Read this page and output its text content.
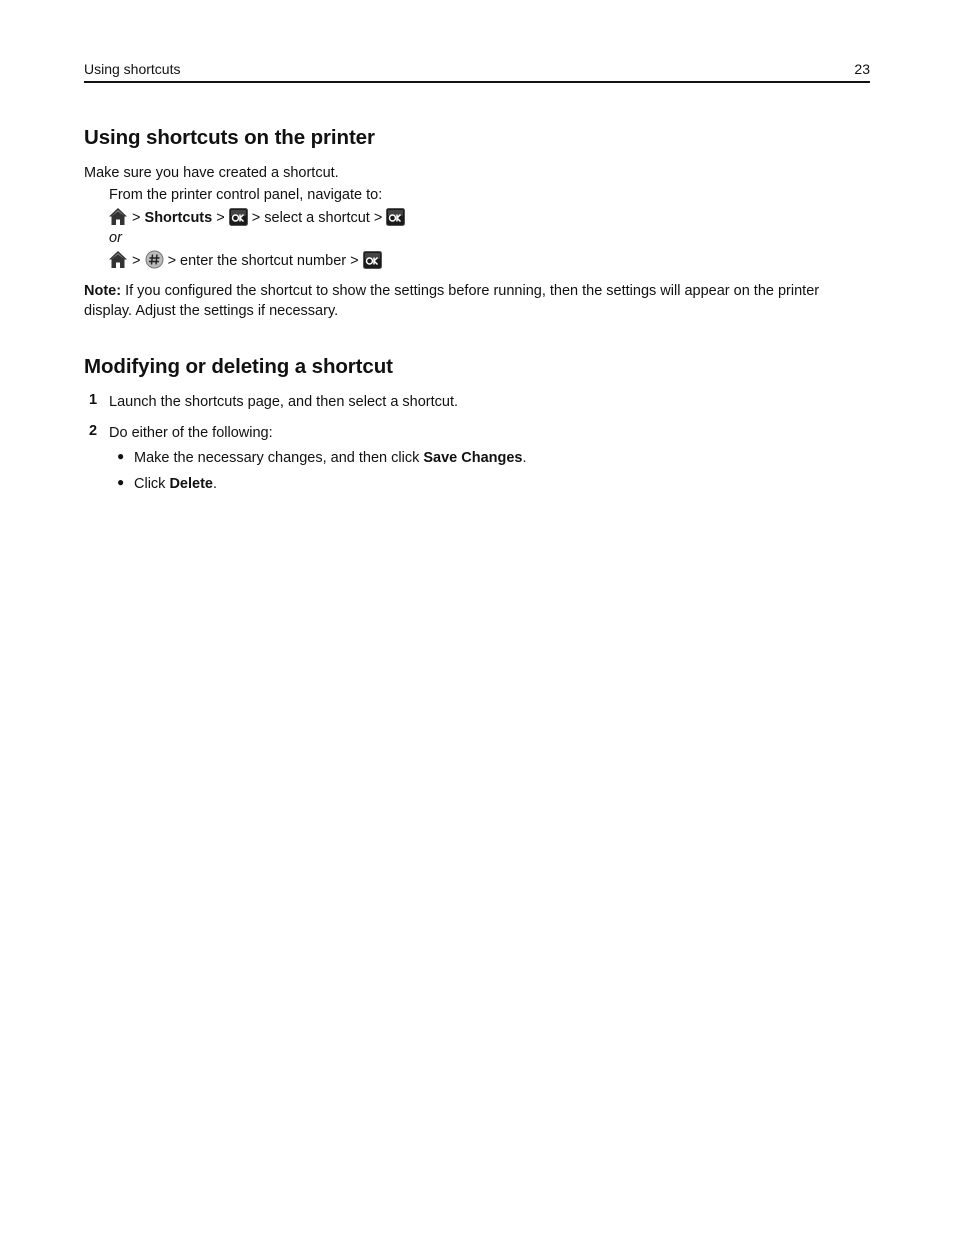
Using shortcuts	23
Using shortcuts on the printer
Make sure you have created a shortcut.
From the printer control panel, navigate to:
> Shortcuts > > select a shortcut >
or
> > enter the shortcut number >
Note: If you configured the shortcut to show the settings before running, then the settings will appear on the printer display. Adjust the settings if necessary.
Modifying or deleting a shortcut
1 Launch the shortcuts page, and then select a shortcut.
2 Do either of the following:
● Make the necessary changes, and then click Save Changes.
● Click Delete.
